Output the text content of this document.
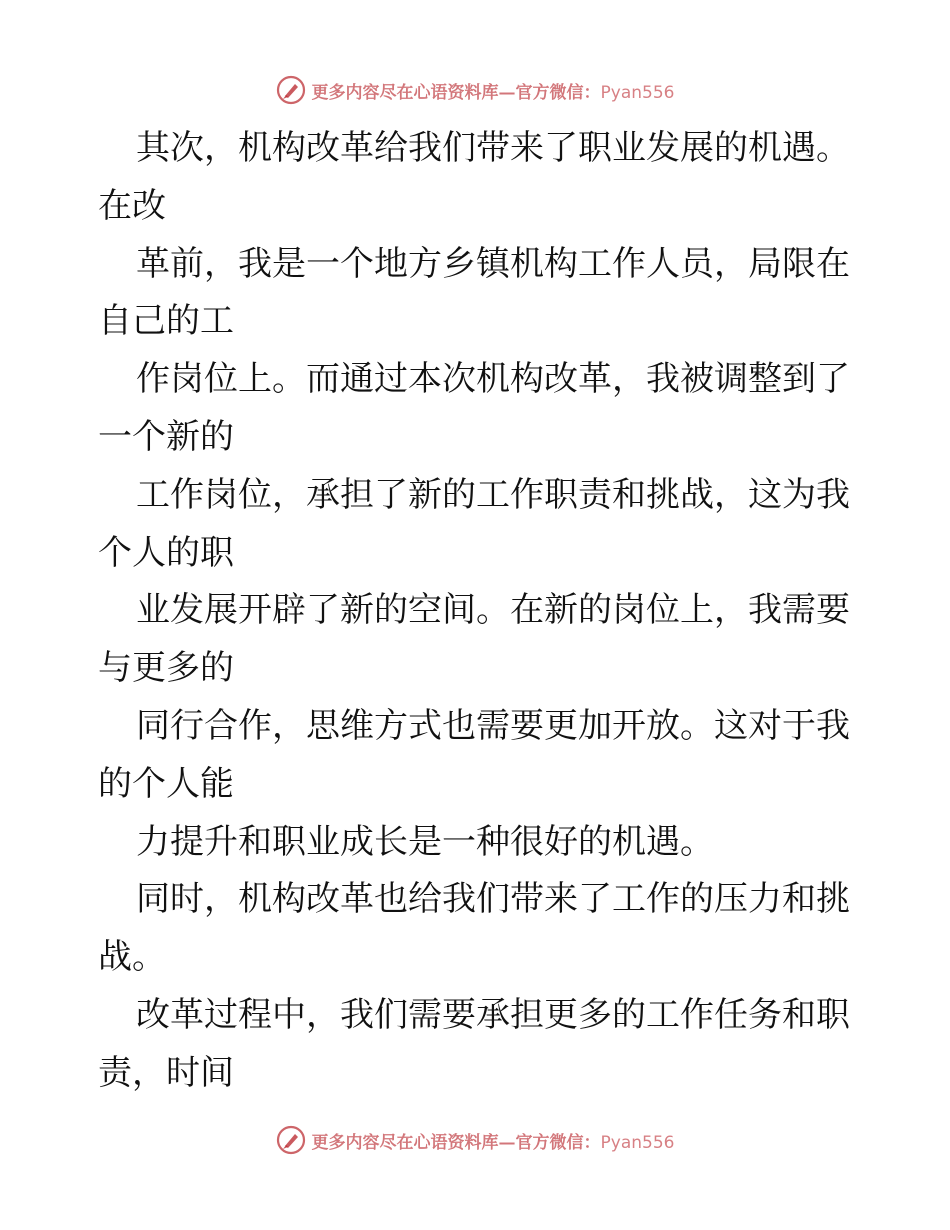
更多内容尽在心语资料库—官方微信：Pyan556
其次，机构改革给我们带来了职业发展的机遇。
在改
革前，我是一个地方乡镇机构工作人员，局限在
自己的工
作岗位上。而通过本次机构改革，我被调整到了
一个新的
工作岗位，承担了新的工作职责和挑战，这为我
个人的职
业发展开辟了新的空间。在新的岗位上，我需要
与更多的
同行合作，思维方式也需要更加开放。这对于我
的个人能
力提升和职业成长是一种很好的机遇。
同时，机构改革也给我们带来了工作的压力和挑
战。
改革过程中，我们需要承担更多的工作任务和职
责，时间
更多内容尽在心语资料库—官方微信：Pyan556
